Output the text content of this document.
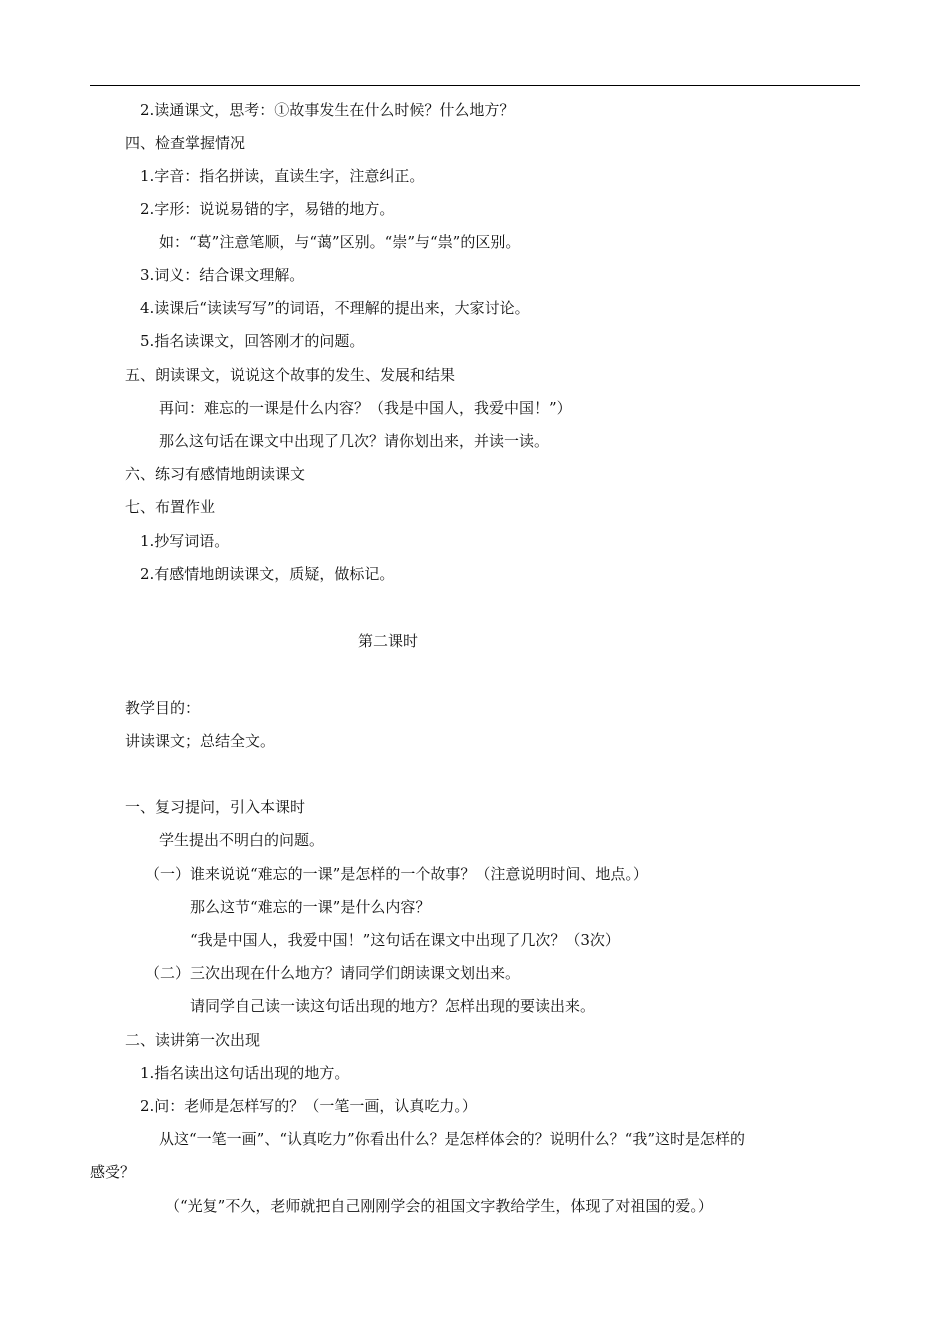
2.读通课文，思考：①故事发生在什么时候？什么地方？
四、检查掌握情况
1.字音：指名拼读，直读生字，注意纠正。
2.字形：说说易错的字，易错的地方。
如：“葛”注意笔顺，与“蔼”区别。“崇”与“祟”的区别。
3.词义：结合课文理解。
4.读课后“读读写写”的词语，不理解的提出来，大家讨论。
5.指名读课文，回答刚才的问题。
五、朗读课文，说说这个故事的发生、发展和结果
再问：难忘的一课是什么内容？（我是中国人，我爱中国！”）
那么这句话在课文中出现了几次？请你划出来，并读一读。
六、练习有感情地朗读课文
七、布置作业
1.抄写词语。
2.有感情地朗读课文，质疑，做标记。
第二课时
教学目的：
讲读课文；总结全文。
一、复习提问，引入本课时
学生提出不明白的问题。
（一）谁来说说“难忘的一课”是怎样的一个故事？（注意说明时间、地点。）
那么这节“难忘的一课”是什么内容？
“我是中国人，我爱中国！”这句话在课文中出现了几次？（3次）
（二）三次出现在什么地方？请同学们朗读课文划出来。
请同学自己读一读这句话出现的地方？怎样出现的要读出来。
二、读讲第一次出现
1.指名读出这句话出现的地方。
2.问：老师是怎样写的？（一笔一画，认真吃力。）
从这“一笔一画”、“认真吃力”你看出什么？是怎样体会的？说明什么？“我”这时是怎样的
感受？
（“光复”不久，老师就把自己刚刚学会的祖国文字教给学生，体现了对祖国的爱。）
